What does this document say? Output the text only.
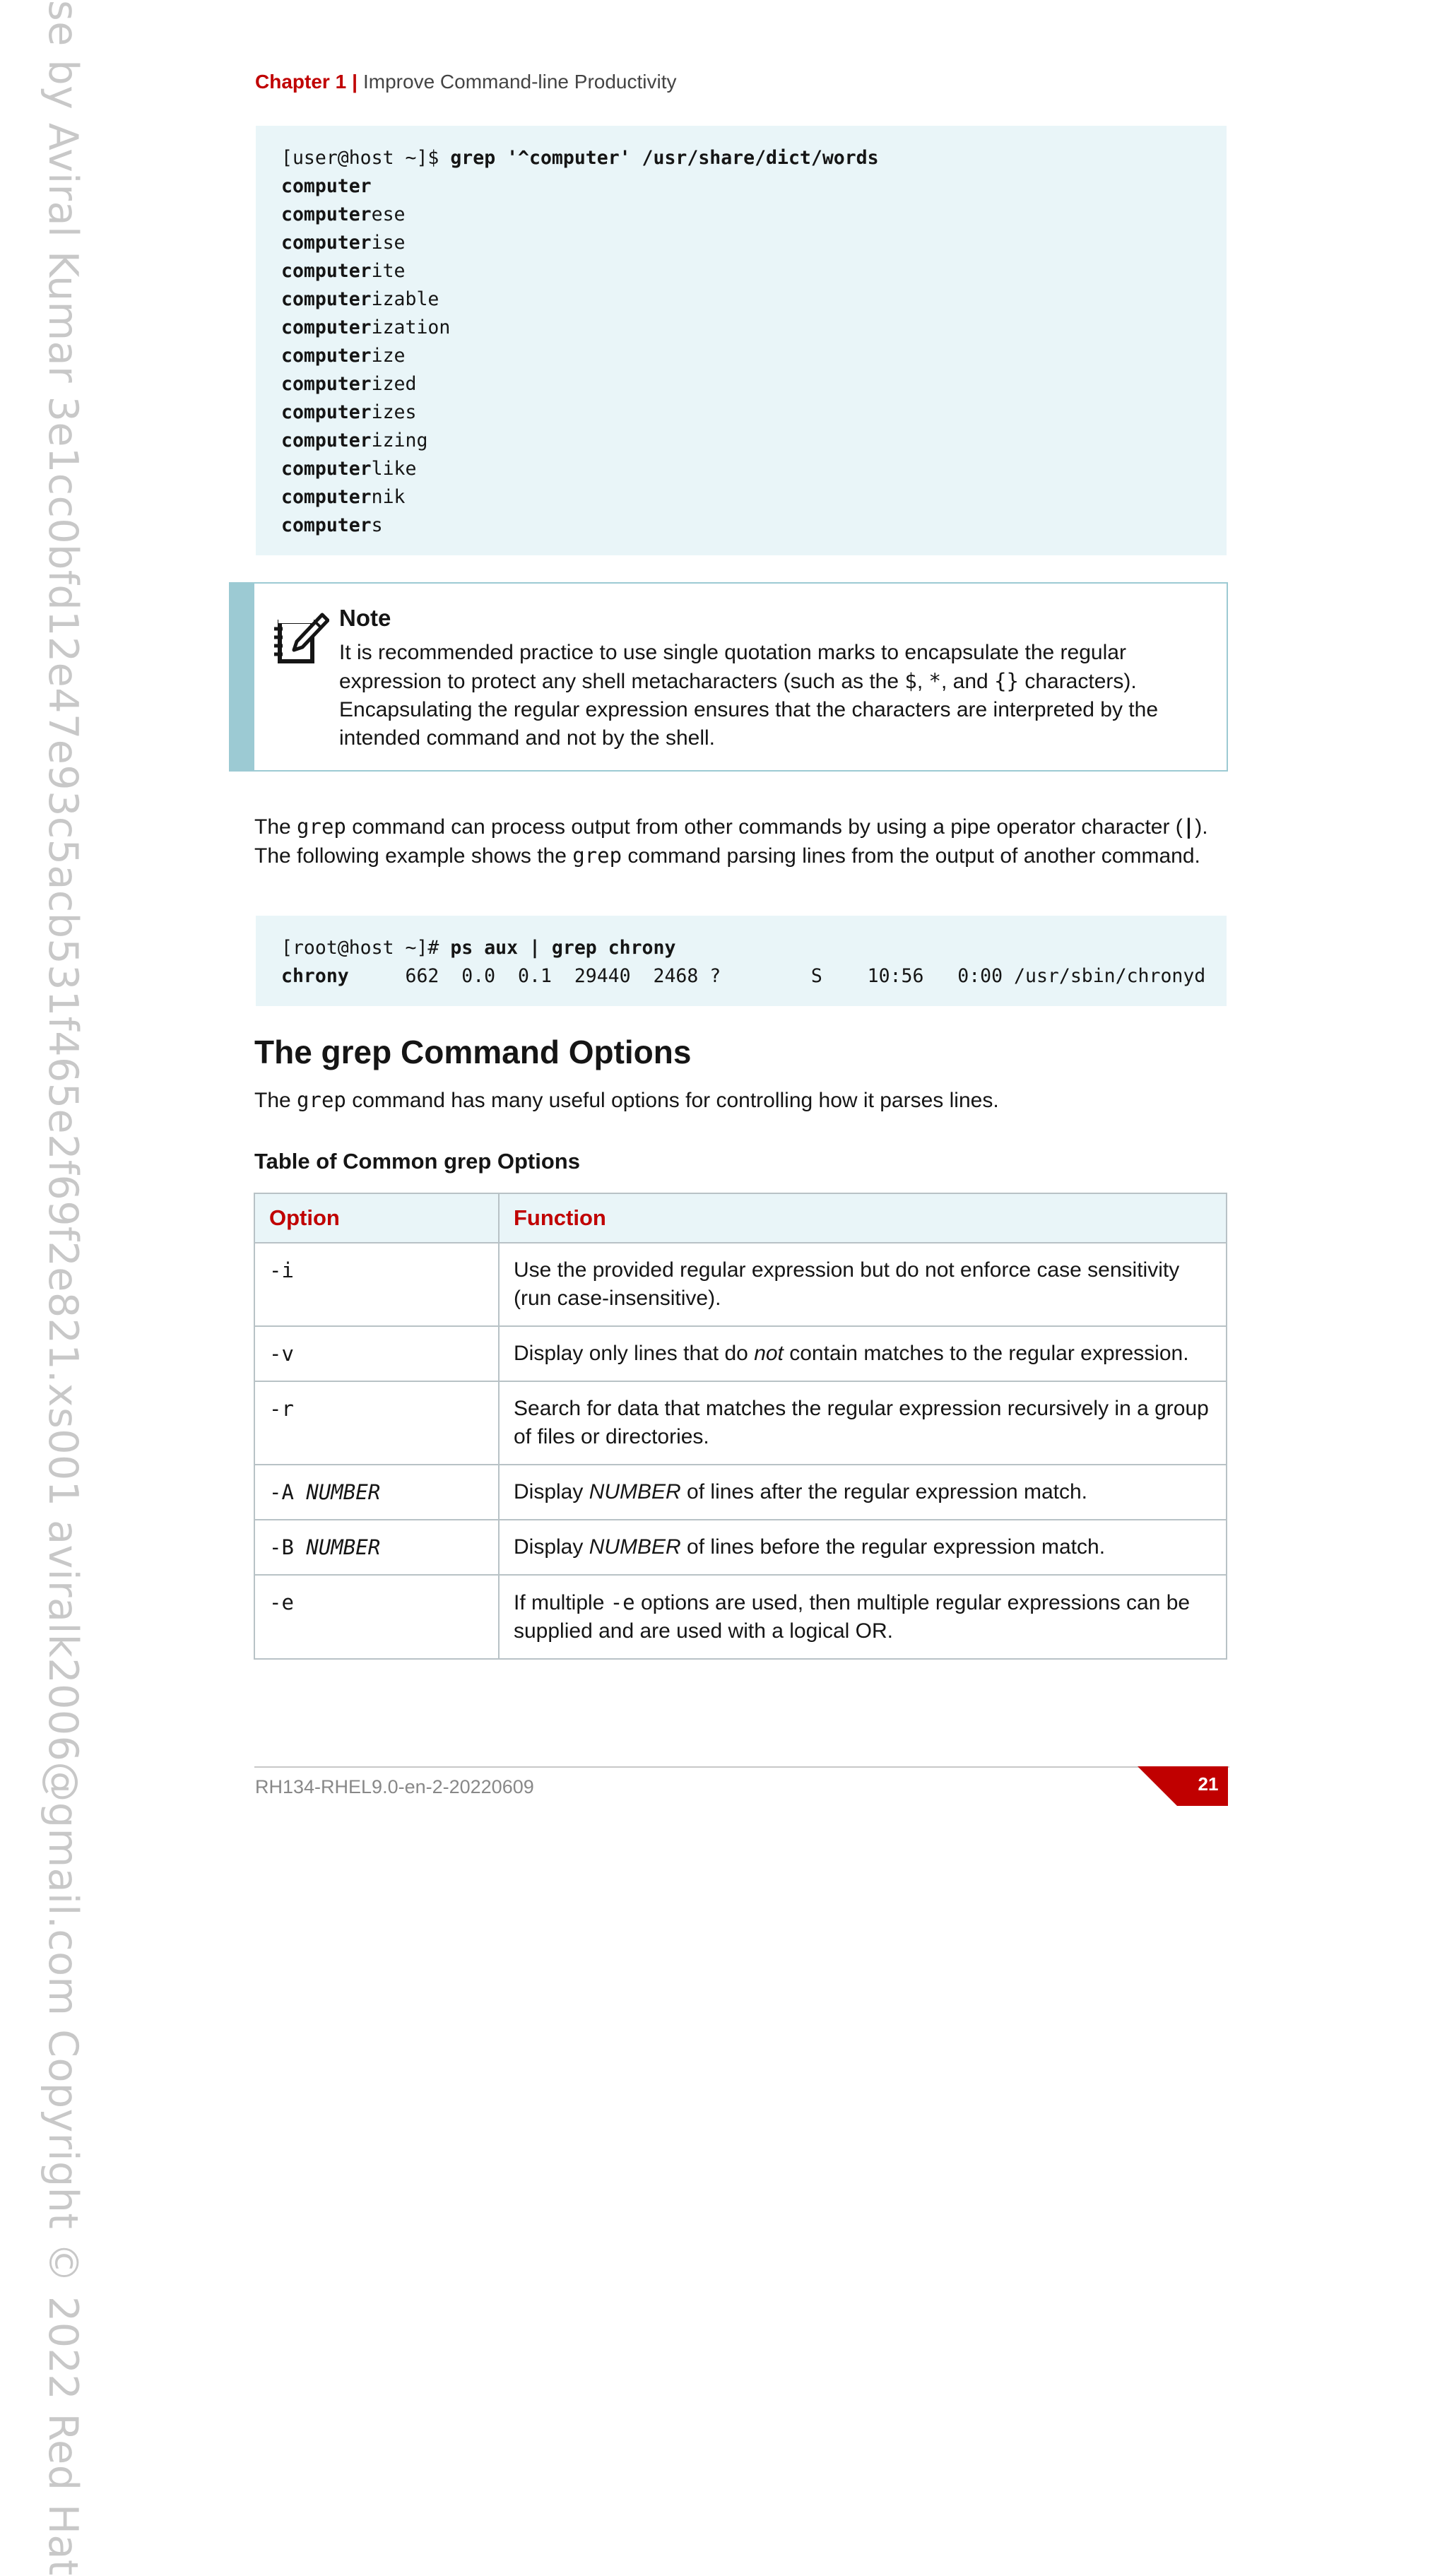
se by Aviral Kumar 3e1cc0bfd12e47e93c5acb531f465e2f69f2e821.xs001 aviralk2006@gmail.com Copyright © 2022 Red Hat	Chapter 1 | Improve Command-line Productivity
[user@host ~]$ grep '^computer' /usr/share/dict/words
computer
computerese
computerise
computerite
computerizable
computerization
computerize
computerized
computerizes
computerizing
computerlike
computernik
computers
Note
It is recommended practice to use single quotation marks to encapsulate the regular expression to protect any shell metacharacters (such as the $, *, and {} characters). Encapsulating the regular expression ensures that the characters are interpreted by the intended command and not by the shell.

The grep command can process output from other commands by using a pipe operator character (|). The following example shows the grep command parsing lines from the output of another command.

[root@host ~]# ps aux | grep chrony
chrony     662  0.0  0.1  29440  2468 ?        S    10:56   0:00 /usr/sbin/chronyd
The grep Command Options

The grep command has many useful options for controlling how it parses lines.

Table of Common grep Options
Option	Function
-i	Use the provided regular expression but do not enforce case sensitivity (run case-insensitive).
-v	Display only lines that do not contain matches to the regular expression.
-r	Search for data that matches the regular expression recursively in a group of files or directories.
-A NUMBER	Display NUMBER of lines after the regular expression match.
-B NUMBER	Display NUMBER of lines before the regular expression match.
-e	If multiple -e options are used, then multiple regular expressions can be supplied and are used with a logical OR.
RH134-RHEL9.0-en-2-20220609	21
